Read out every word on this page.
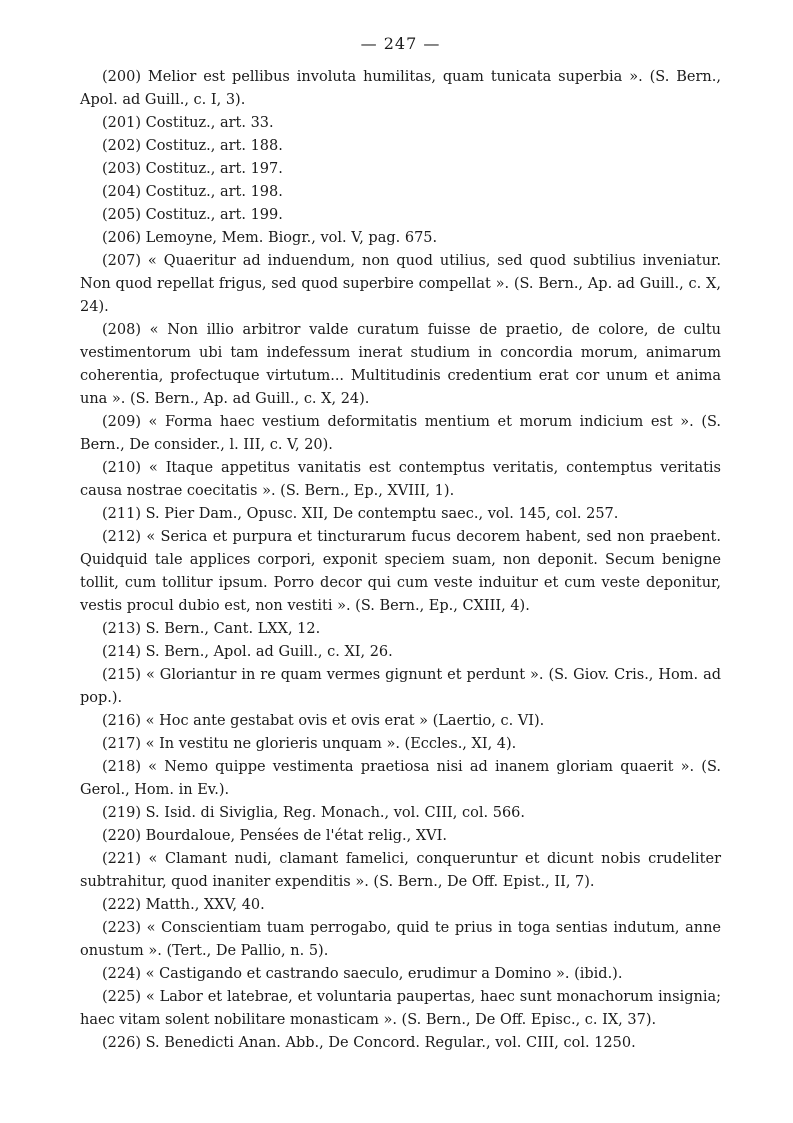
— 247 —

(200) Melior est pellibus involuta humilitas, quam tunicata superbia ». (S. Bern., Apol. ad Guill., c. I, 3).

(201) Costituz., art. 33.

(202) Costituz., art. 188.

(203) Costituz., art. 197.

(204) Costituz., art. 198.

(205) Costituz., art. 199.

(206) Lemoyne, Mem. Biogr., vol. V, pag. 675.

(207) « Quaeritur ad induendum, non quod utilius, sed quod subtilius inveniatur. Non quod repellat frigus, sed quod superbire compellat ». (S. Bern., Ap. ad Guill., c. X, 24).

(208) « Non illio arbitror valde curatum fuisse de praetio, de colore, de cultu vestimentorum ubi tam indefessum inerat studium in concordia morum, animarum coherentia, profectuque virtutum... Multitudinis credentium erat cor unum et anima una ». (S. Bern., Ap. ad Guill., c. X, 24).

(209) « Forma haec vestium deformitatis mentium et morum indicium est ». (S. Bern., De consider., l. III, c. V, 20).

(210) « Itaque appetitus vanitatis est contemptus veritatis, contemptus veritatis causa nostrae coecitatis ». (S. Bern., Ep., XVIII, 1).

(211) S. Pier Dam., Opusc. XII, De contemptu saec., vol. 145, col. 257.

(212) « Serica et purpura et tincturarum fucus decorem habent, sed non praebent. Quidquid tale applices corpori, exponit speciem suam, non deponit. Secum benigne tollit, cum tollitur ipsum. Porro decor qui cum veste induitur et cum veste deponitur, vestis procul dubio est, non vestiti ». (S. Bern., Ep., CXIII, 4).

(213) S. Bern., Cant. LXX, 12.

(214) S. Bern., Apol. ad Guill., c. XI, 26.

(215) « Gloriantur in re quam vermes gignunt et perdunt ». (S. Giov. Cris., Hom. ad pop.).

(216) « Hoc ante gestabat ovis et ovis erat » (Laertio, c. VI).

(217) « In vestitu ne glorieris unquam ». (Eccles., XI, 4).

(218) « Nemo quippe vestimenta praetiosa nisi ad inanem gloriam quaerit ». (S. Gerol., Hom. in Ev.).

(219) S. Isid. di Siviglia, Reg. Monach., vol. CIII, col. 566.

(220) Bourdaloue, Pensées de l'état relig., XVI.

(221) « Clamant nudi, clamant famelici, conqueruntur et dicunt nobis crudeliter subtrahitur, quod inaniter expenditis ». (S. Bern., De Off. Epist., II, 7).

(222) Matth., XXV, 40.

(223) « Conscientiam tuam perrogabo, quid te prius in toga sentias indutum, anne onustum ». (Tert., De Pallio, n. 5).

(224) « Castigando et castrando saeculo, erudimur a Domino ». (ibid.).

(225) « Labor et latebrae, et voluntaria paupertas, haec sunt monachorum insignia; haec vitam solent nobilitare monasticam ». (S. Bern., De Off. Episc., c. IX, 37).

(226) S. Benedicti Anan. Abb., De Concord. Regular., vol. CIII, col. 1250.
